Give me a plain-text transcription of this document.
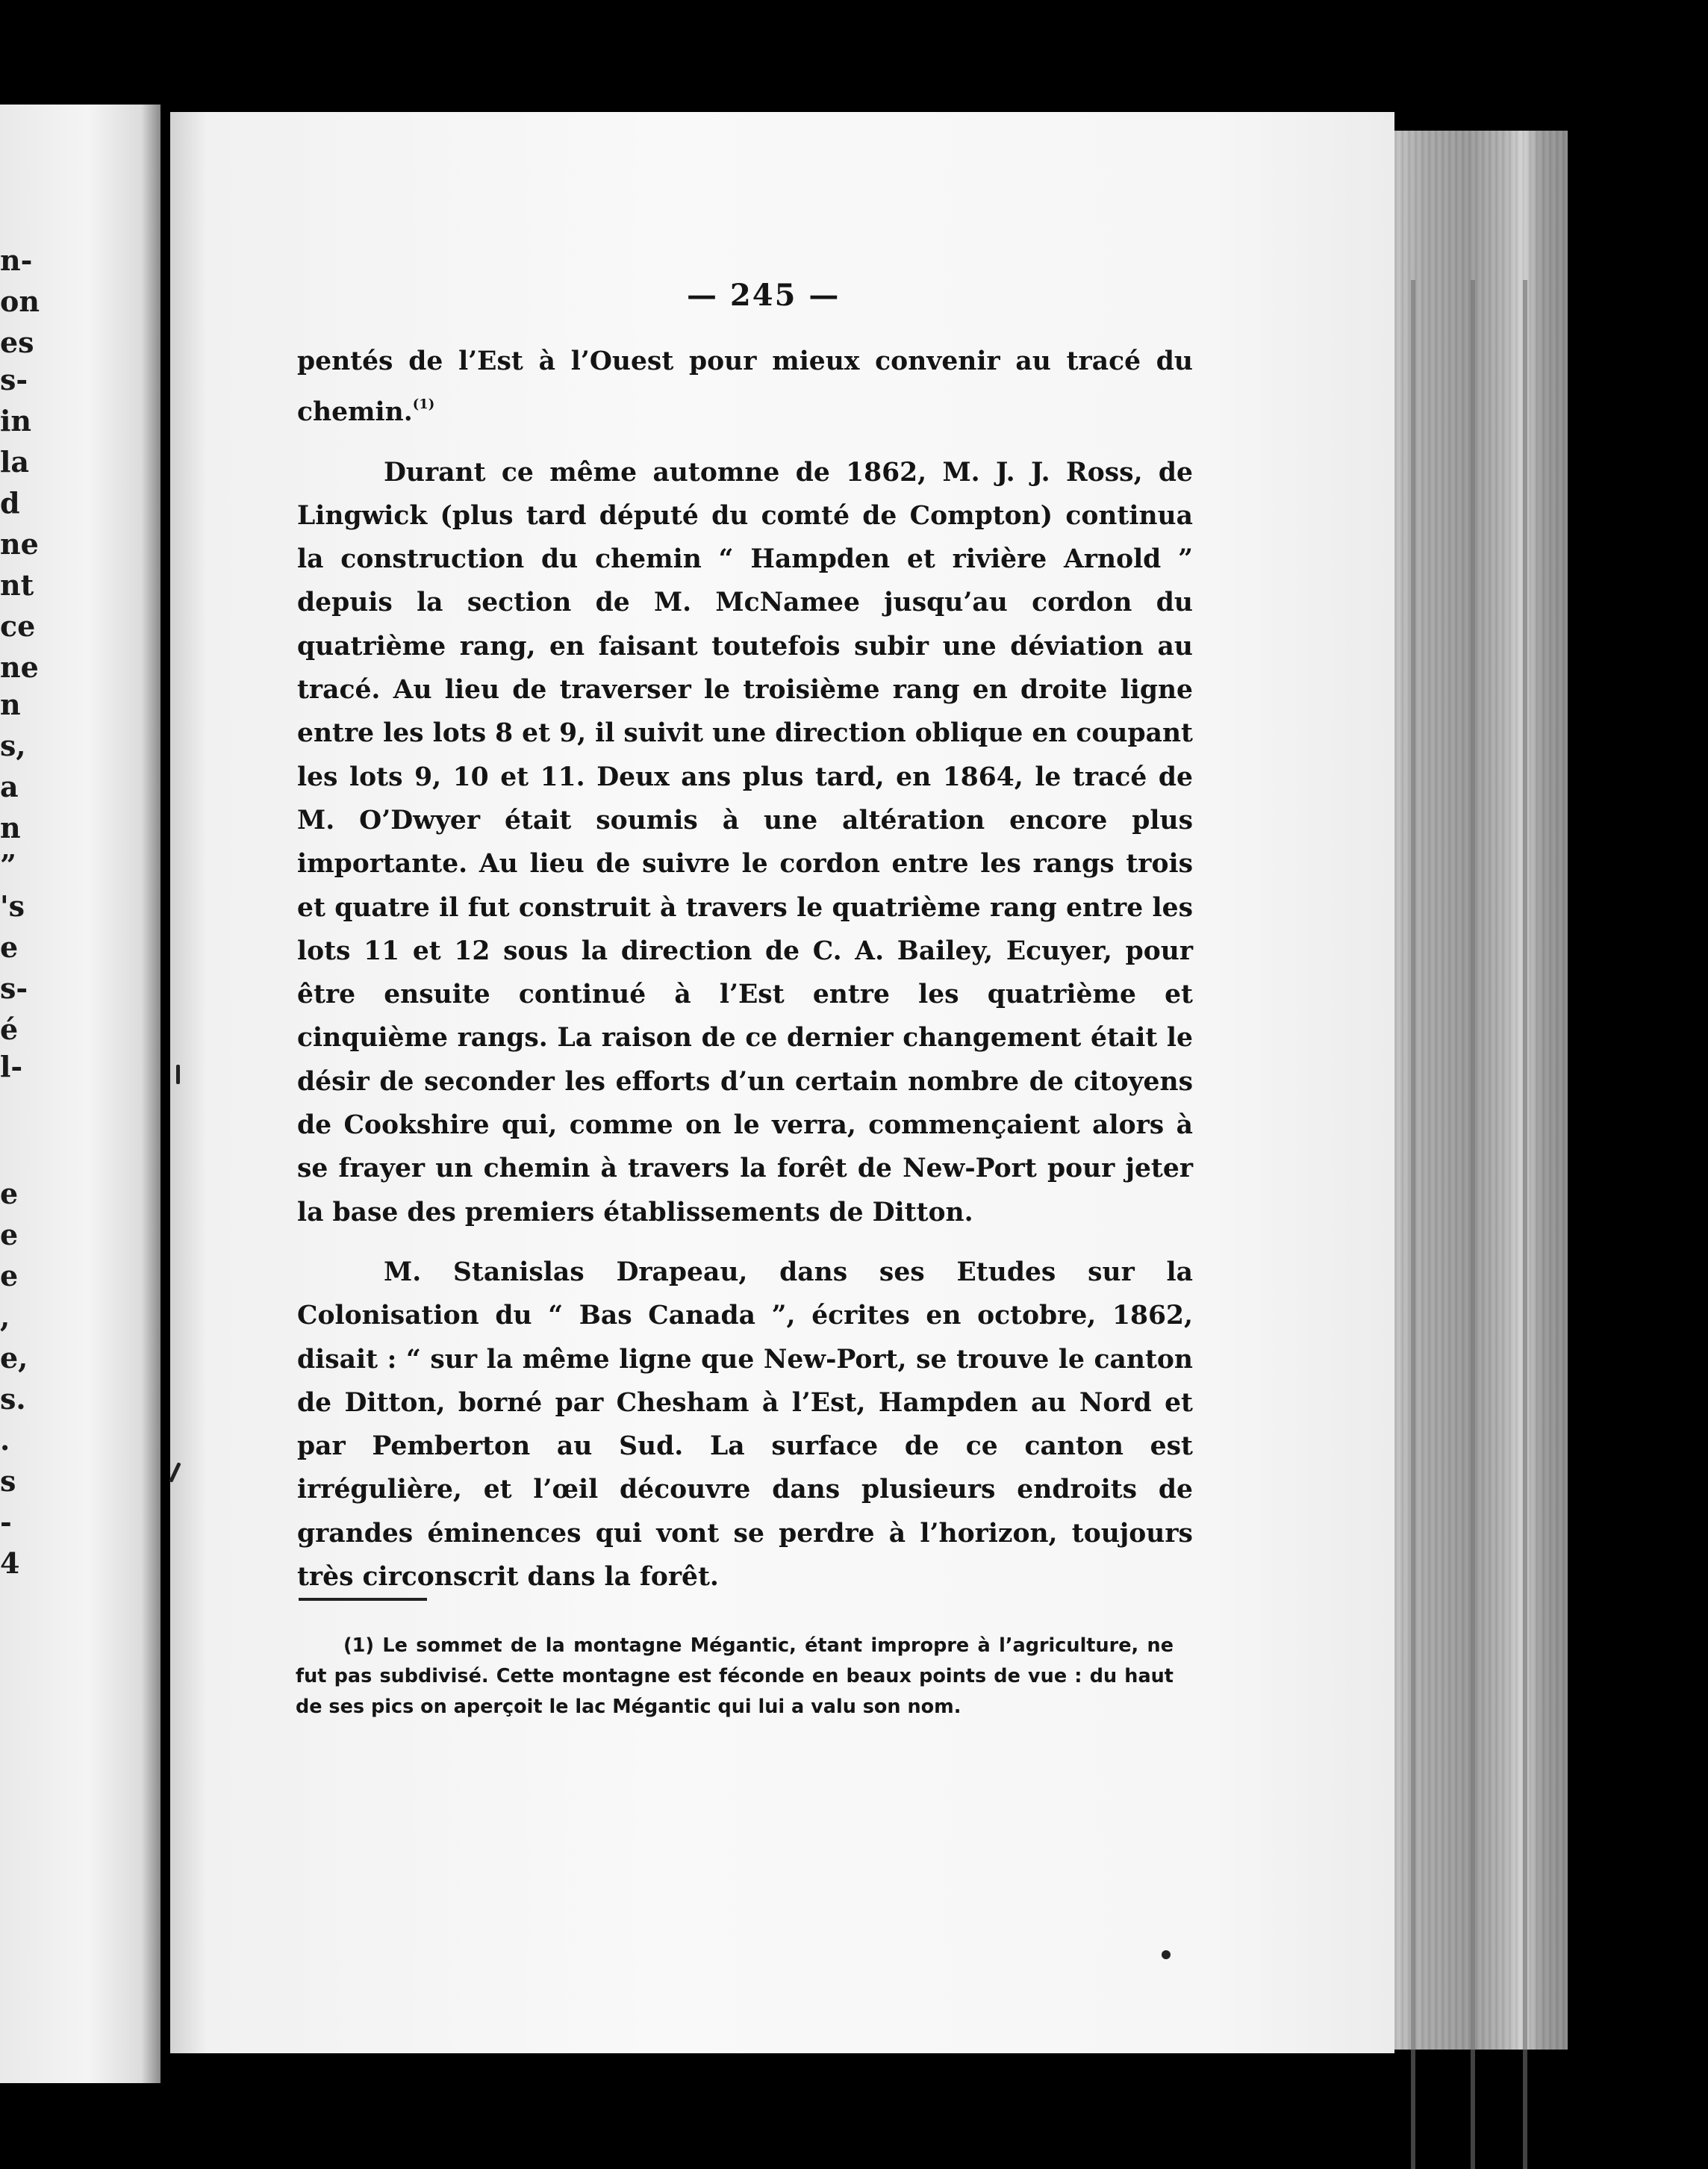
n-
on
es
s-
in
la
d
ne
nt
ce
ne
n
s,
a
n
”
's
e
s-
é
l-
e
e
e
,
e,
s.
.
s
-
4
— 245 —

pentés de l’Est à l’Ouest pour mieux convenir au tracé du chemin.$^{(1)}$

Durant ce même automne de 1862, M. J. J. Ross, de Lingwick (plus tard député du comté de Compton) continua la construction du chemin “ Hampden et rivière Arnold ” depuis la section de M. McNamee jusqu’au cordon du quatrième rang, en faisant toutefois subir une déviation au tracé. Au lieu de traverser le troisième rang en droite ligne entre les lots 8 et 9, il suivit une direction oblique en coupant les lots 9, 10 et 11. Deux ans plus tard, en 1864, le tracé de M. O’Dwyer était soumis à une altération encore plus importante. Au lieu de suivre le cordon entre les rangs trois et quatre il fut construit à travers le quatrième rang entre les lots 11 et 12 sous la direction de C. A. Bailey, Ecuyer, pour être ensuite continué à l’Est entre les quatrième et cinquième rangs. La raison de ce dernier changement était le désir de seconder les efforts d’un certain nombre de citoyens de Cookshire qui, comme on le verra, commençaient alors à se frayer un chemin à travers la forêt de New-Port pour jeter la base des premiers établissements de Ditton.

M. Stanislas Drapeau, dans ses Etudes sur la Colonisation du “ Bas Canada ”, écrites en octobre, 1862, disait : “ sur la même ligne que New-Port, se trouve le canton de Ditton, borné par Chesham à l’Est, Hampden au Nord et par Pemberton au Sud. La surface de ce canton est irrégulière, et l’œil découvre dans plusieurs endroits de grandes éminences qui vont se perdre à l’horizon, toujours très circonscrit dans la forêt.

(1) Le sommet de la montagne Mégantic, étant impropre à l’agriculture, ne fut pas subdivisé. Cette montagne est féconde en beaux points de vue : du haut de ses pics on aperçoit le lac Mégantic qui lui a valu son nom.
